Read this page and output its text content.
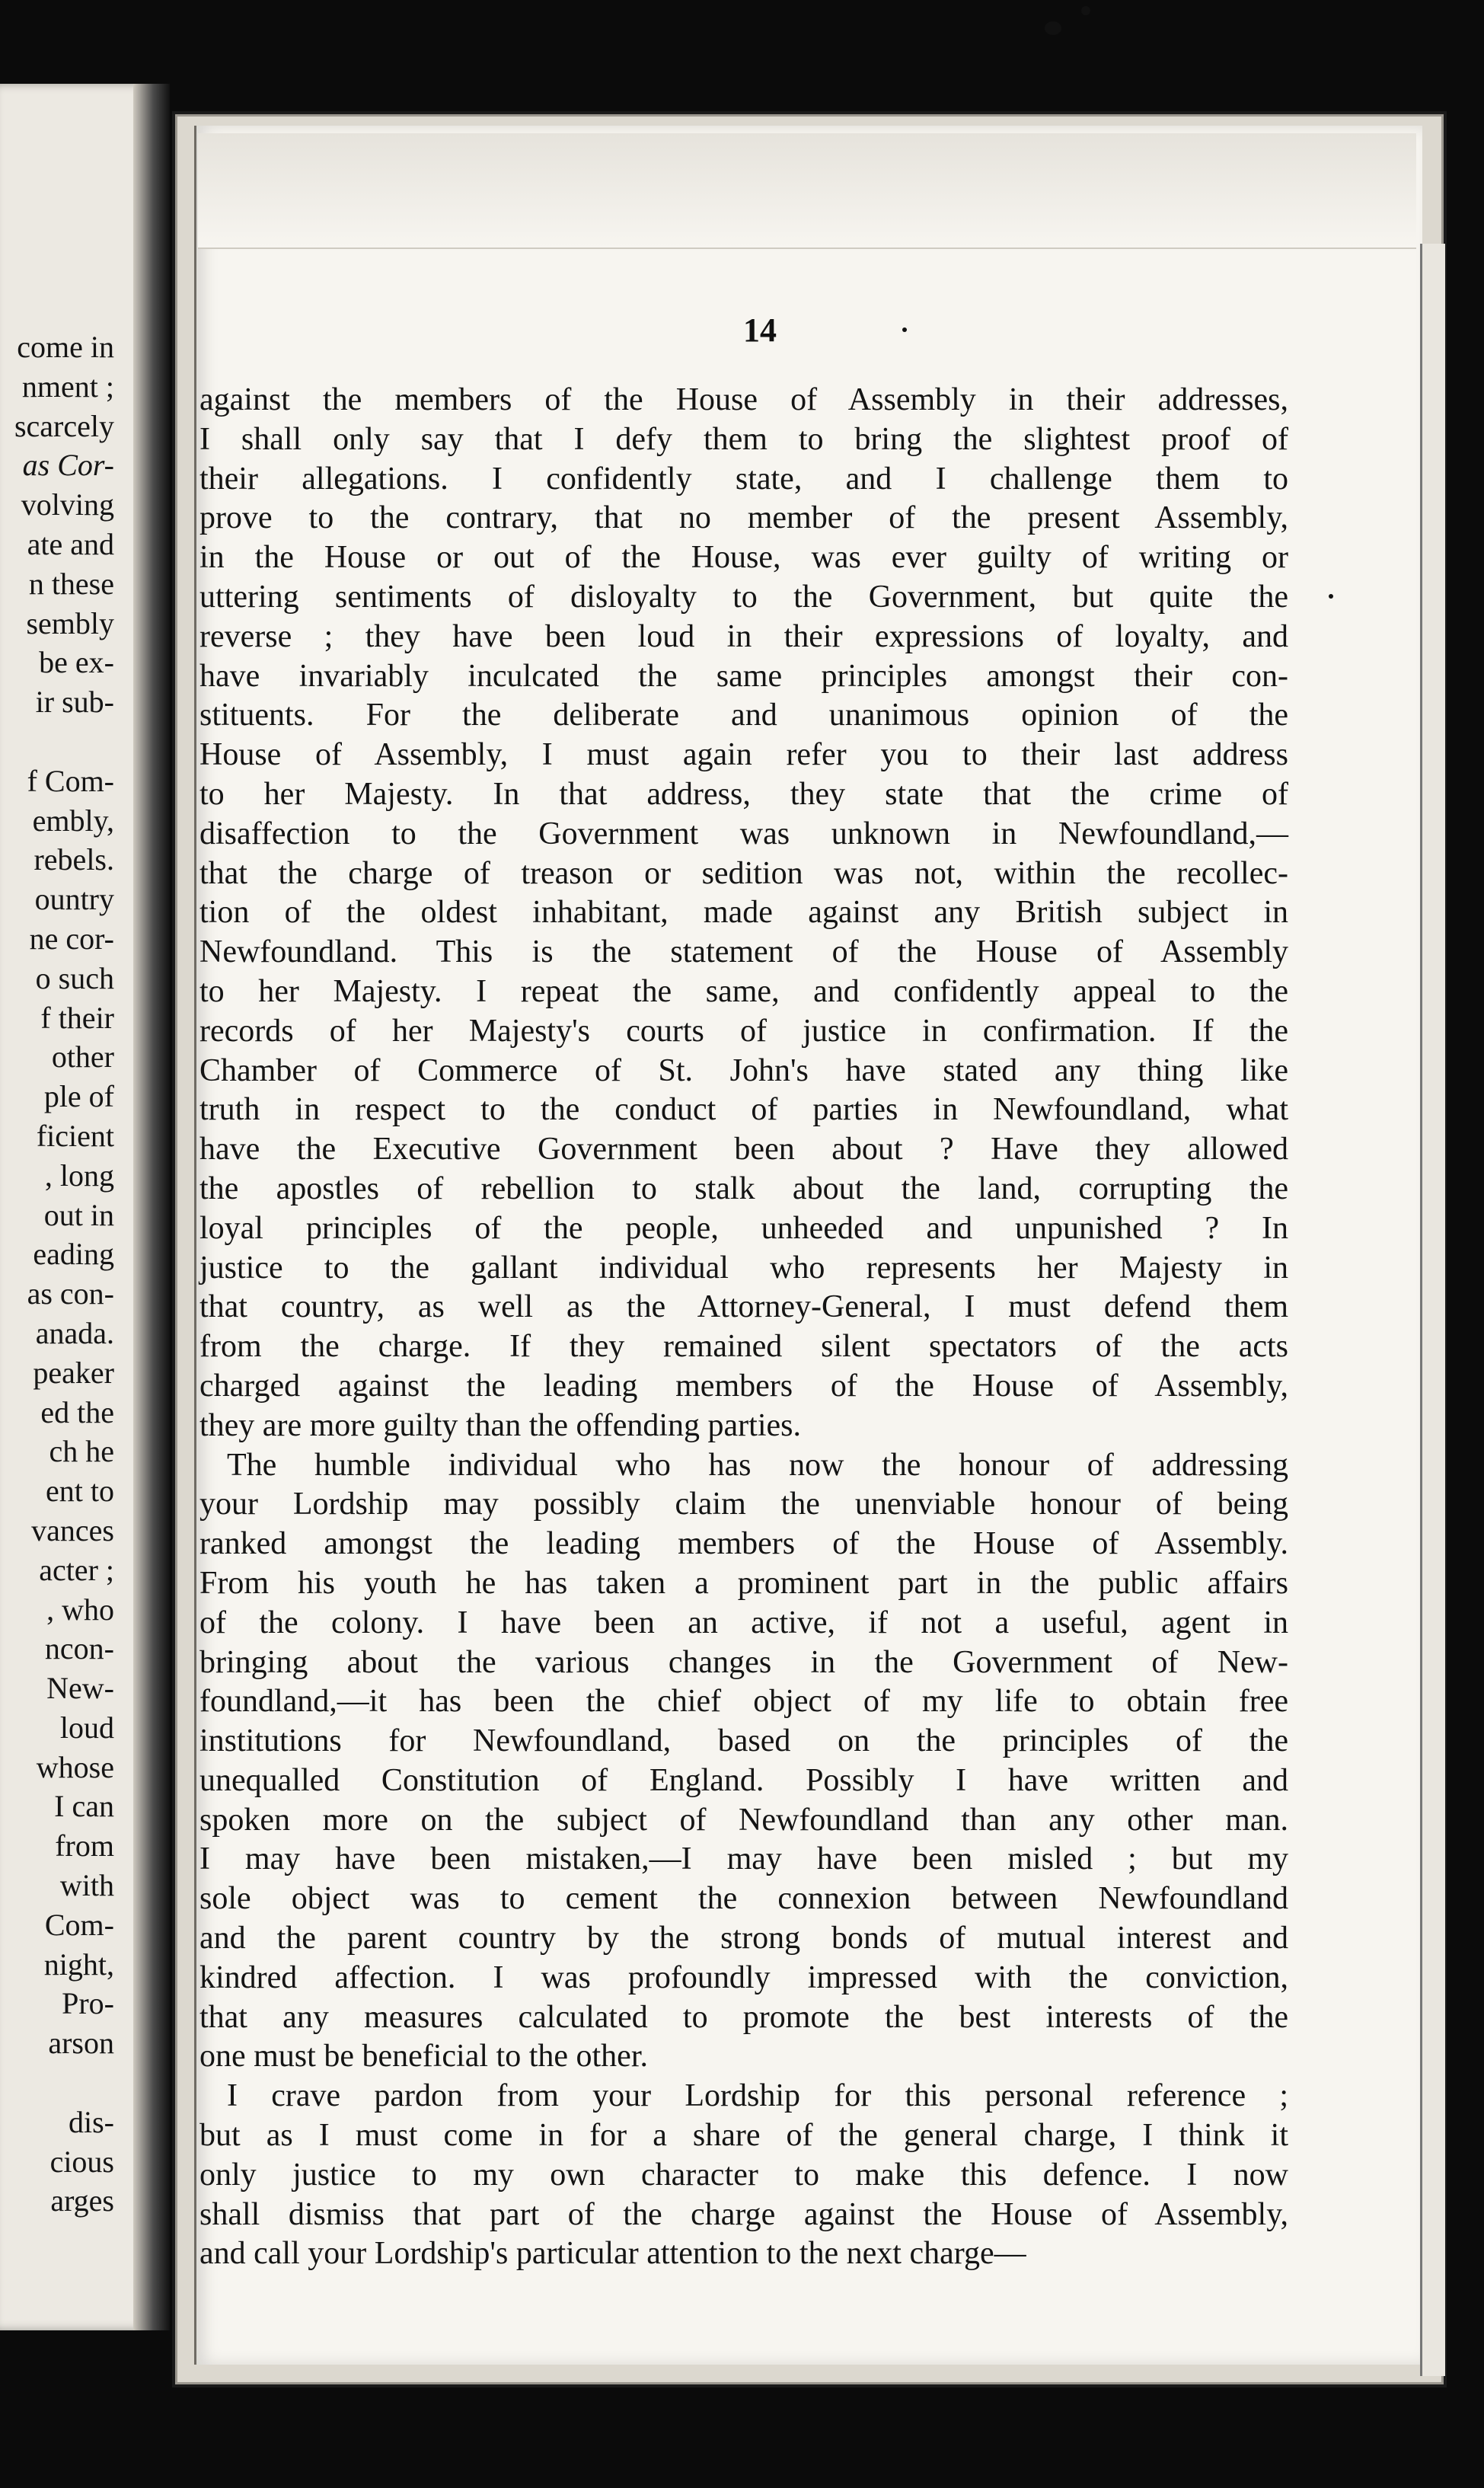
come in
nment ;
scarcely
as Cor-
volving
ate and
n these
sembly
be ex-
ir sub-
f Com-
embly,
rebels.
ountry
ne cor-
o such
f their
other
ple of
ficient
, long
out in
eading
as con-
anada.
peaker
ed the
ch he
ent to
vances
acter ;
, who
ncon-
New-
loud
whose
I can
from
with
Com-
night,
Pro-
arson
dis-
cious
arges
14
against the members of the House of Assembly in their addresses,
I shall only say that I defy them to bring the slightest proof of
their allegations. I confidently state, and I challenge them to
prove to the contrary, that no member of the present Assembly,
in the House or out of the House, was ever guilty of writing or
uttering sentiments of disloyalty to the Government, but quite the
reverse ; they have been loud in their expressions of loyalty, and
have invariably inculcated the same principles amongst their con-
stituents. For the deliberate and unanimous opinion of the
House of Assembly, I must again refer you to their last address
to her Majesty. In that address, they state that the crime of
disaffection to the Government was unknown in Newfoundland,—
that the charge of treason or sedition was not, within the recollec-
tion of the oldest inhabitant, made against any British subject in
Newfoundland. This is the statement of the House of Assembly
to her Majesty. I repeat the same, and confidently appeal to the
records of her Majesty's courts of justice in confirmation. If the
Chamber of Commerce of St. John's have stated any thing like
truth in respect to the conduct of parties in Newfoundland, what
have the Executive Government been about ? Have they allowed
the apostles of rebellion to stalk about the land, corrupting the
loyal principles of the people, unheeded and unpunished ? In
justice to the gallant individual who represents her Majesty in
that country, as well as the Attorney-General, I must defend them
from the charge. If they remained silent spectators of the acts
charged against the leading members of the House of Assembly,
they are more guilty than the offending parties.
The humble individual who has now the honour of addressing
your Lordship may possibly claim the unenviable honour of being
ranked amongst the leading members of the House of Assembly.
From his youth he has taken a prominent part in the public affairs
of the colony. I have been an active, if not a useful, agent in
bringing about the various changes in the Government of New-
foundland,—it has been the chief object of my life to obtain free
institutions for Newfoundland, based on the principles of the
unequalled Constitution of England. Possibly I have written and
spoken more on the subject of Newfoundland than any other man.
I may have been mistaken,—I may have been misled ; but my
sole object was to cement the connexion between Newfoundland
and the parent country by the strong bonds of mutual interest and
kindred affection. I was profoundly impressed with the conviction,
that any measures calculated to promote the best interests of the
one must be beneficial to the other.
I crave pardon from your Lordship for this personal reference ;
but as I must come in for a share of the general charge, I think it
only justice to my own character to make this defence. I now
shall dismiss that part of the charge against the House of Assembly,
and call your Lordship's particular attention to the next charge—
